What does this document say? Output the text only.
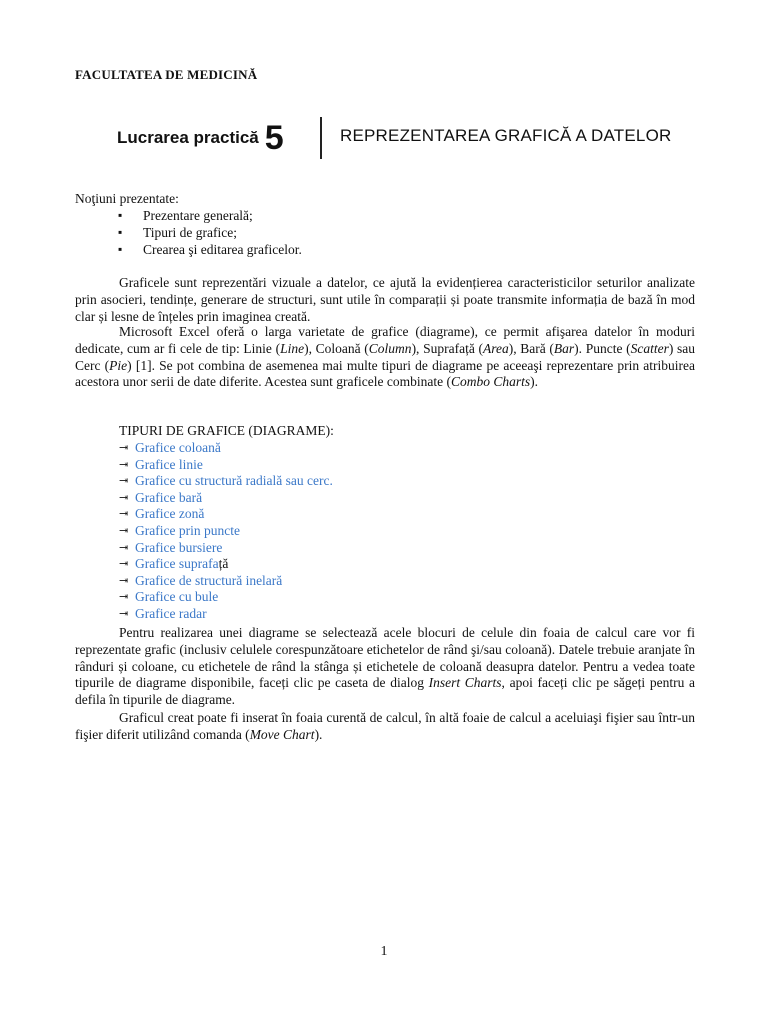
FACULTATEA DE MEDICINĂ
Lucrarea practică 5	REPREZENTAREA GRAFICĂ A DATELOR
Noţiuni prezentate:
▪ Prezentare generală;
▪ Tipuri de grafice;
▪ Crearea şi editarea graficelor.

Graficele sunt reprezentări vizuale a datelor, ce ajută la evidențierea caracteristicilor seturilor analizate prin asocieri, tendințe, generare de structuri, sunt utile în comparații și poate transmite informația de bază în mod clar și lesne de înțeles prin imaginea creată.

Microsoft Excel oferă o larga varietate de grafice (diagrame), ce permit afişarea datelor în moduri dedicate, cum ar fi cele de tip: Linie (Line), Coloană (Column), Suprafață (Area), Bară (Bar). Puncte (Scatter) sau Cerc (Pie) [1]. Se pot combina de asemenea mai multe tipuri de diagrame pe aceeaşi reprezentare prin atribuirea acestora unor serii de date diferite. Acestea sunt graficele combinate (Combo Charts).

TIPURI DE GRAFICE (DIAGRAME):
⇥ Grafice coloană
⇥ Grafice linie
⇥ Grafice cu structură radială sau cerc.
⇥ Grafice bară
⇥ Grafice zonă
⇥ Grafice prin puncte
⇥ Grafice bursiere
⇥ Grafice suprafa ță
⇥ Grafice de structură inelară
⇥ Grafice cu bule
⇥ Grafice radar

Pentru realizarea unei diagrame se selectează acele blocuri de celule din foaia de calcul care vor fi reprezentate grafic (inclusiv celulele corespunzătoare etichetelor de rând şi/sau coloană). Datele trebuie aranjate în rânduri și coloane, cu etichetele de rând la stânga și etichetele de coloană deasupra datelor. Pentru a vedea toate tipurile de diagrame disponibile, faceți clic pe caseta de dialog Insert Charts, apoi faceți clic pe săgeți pentru a defila în tipurile de diagrame.

Graficul creat poate fi inserat în foaia curentă de calcul, în altă foaie de calcul a aceluiaşi fişier sau într-un fişier diferit utilizând comanda (Move Chart).

1
